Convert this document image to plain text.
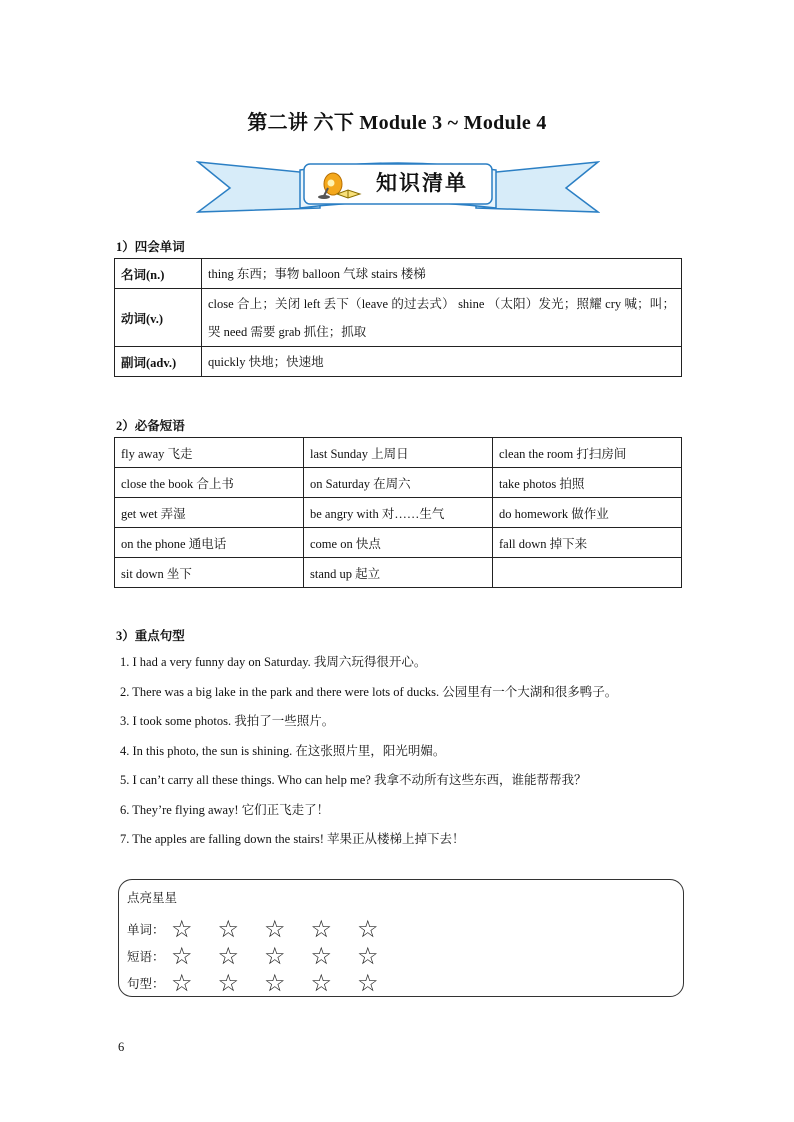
第二讲 六下 Module 3 ~ Module 4
知识清单
1）四会单词
名词(n.)	thing 东西；事物 balloon 气球 stairs 楼梯
动词(v.)	close 合上；关闭 left 丢下（leave 的过去式） shine （太阳）发光；照耀 cry 喊；叫；哭 need 需要 grab 抓住；抓取
副词(adv.)	quickly 快地；快速地
2）必备短语
fly away 飞走	last Sunday 上周日	clean the room 打扫房间
close the book 合上书	on Saturday 在周六	take photos 拍照
get wet 弄湿	be angry with 对……生气	do homework 做作业
on the phone 通电话	come on 快点	fall down 掉下来
sit down 坐下	stand up 起立	
3）重点句型
1. I had a very funny day on Saturday. 我周六玩得很开心。
2. There was a big lake in the park and there were lots of ducks. 公园里有一个大湖和很多鸭子。
3. I took some photos. 我拍了一些照片。
4. In this photo, the sun is shining. 在这张照片里，阳光明媚。
5. I can’t carry all these things. Who can help me? 我拿不动所有这些东西，谁能帮帮我？
6. They’re flying away! 它们正飞走了！
7. The apples are falling down the stairs! 苹果正从楼梯上掉下去！
点亮星星
单词： ☆	☆	☆	☆	☆
短语： ☆	☆	☆	☆	☆
句型： ☆	☆	☆	☆	☆
6
